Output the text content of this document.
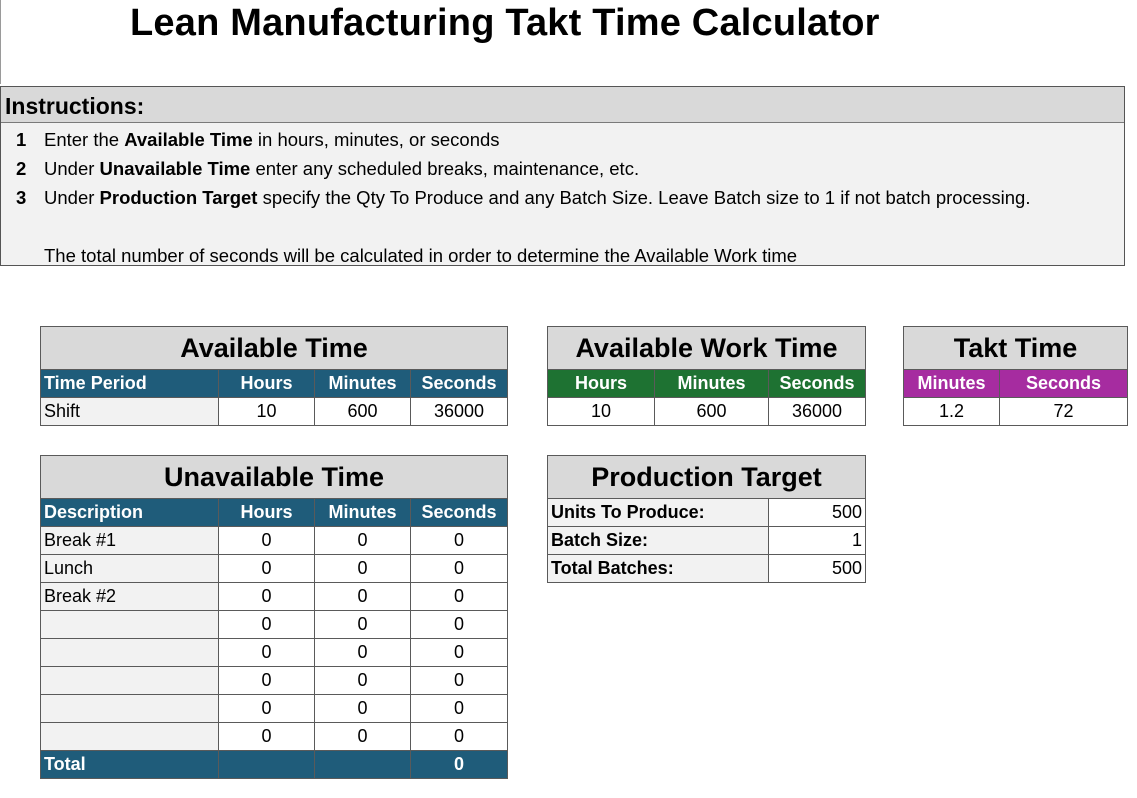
Lean Manufacturing Takt Time Calculator
Instructions:
1 Enter the Available Time in hours, minutes, or seconds
2 Under Unavailable Time enter any scheduled breaks, maintenance, etc.
3 Under Production Target specify the Qty To Produce and any Batch Size. Leave Batch size to 1 if not batch processing.
The total number of seconds will be calculated in order to determine the Available Work time
Available Time			
Time Period	Hours	Minutes	Seconds
Shift	10	600	36000
Available Work Time		
Hours	Minutes	Seconds
10	600	36000
Takt Time	
Minutes	Seconds
1.2	72
Unavailable Time			
Description	Hours	Minutes	Seconds
Break #1	0	0	0
Lunch	0	0	0
Break #2	0	0	0
	0	0	0
	0	0	0
	0	0	0
	0	0	0
	0	0	0
Total			0
Production Target	
Units To Produce:	500
Batch Size:	1
Total Batches:	500
